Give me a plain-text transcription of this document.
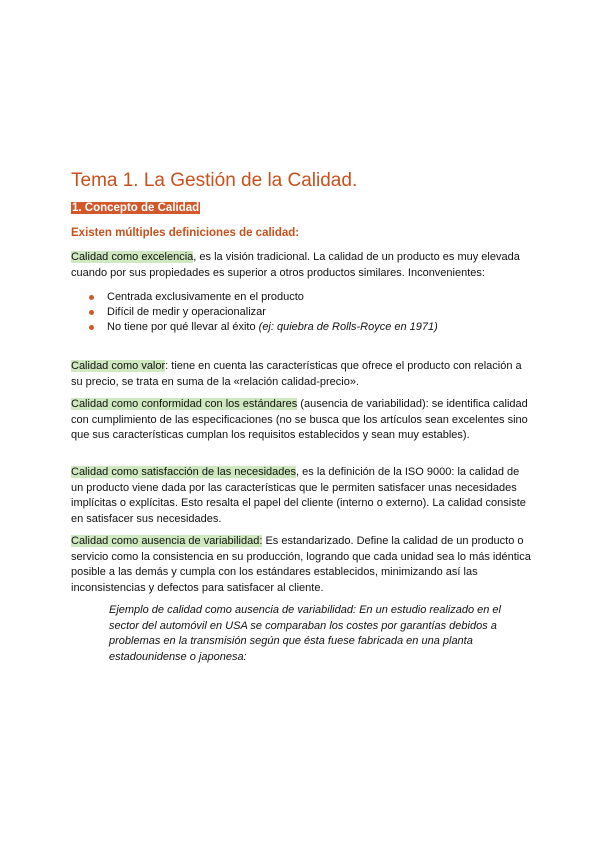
Tema 1. La Gestión de la Calidad.
1. Concepto de Calidad
Existen múltiples definiciones de calidad:

Calidad como excelencia, es la visión tradicional. La calidad de un producto es muy elevada cuando por sus propiedades es superior a otros productos similares. Inconvenientes:

Centrada exclusivamente en el producto
Difícil de medir y operacionalizar
No tiene por qué llevar al éxito (ej: quiebra de Rolls-Royce en 1971)

Calidad como valor: tiene en cuenta las características que ofrece el producto con relación a su precio, se trata en suma de la «relación calidad-precio».

Calidad como conformidad con los estándares (ausencia de variabilidad): se identifica calidad con cumplimiento de las especificaciones (no se busca que los artículos sean excelentes sino que sus características cumplan los requisitos establecidos y sean muy estables).

Calidad como satisfacción de las necesidades, es la definición de la ISO 9000: la calidad de un producto viene dada por las características que le permiten satisfacer unas necesidades implícitas o explícitas. Esto resalta el papel del cliente (interno o externo). La calidad consiste en satisfacer sus necesidades.

Calidad como ausencia de variabilidad: Es estandarizado. Define la calidad de un producto o servicio como la consistencia en su producción, logrando que cada unidad sea lo más idéntica posible a las demás y cumpla con los estándares establecidos, minimizando así las inconsistencias y defectos para satisfacer al cliente.

Ejemplo de calidad como ausencia de variabilidad: En un estudio realizado en el sector del automóvil en USA se comparaban los costes por garantías debidos a problemas en la transmisión según que ésta fuese fabricada en una planta estadounidense o japonesa:
